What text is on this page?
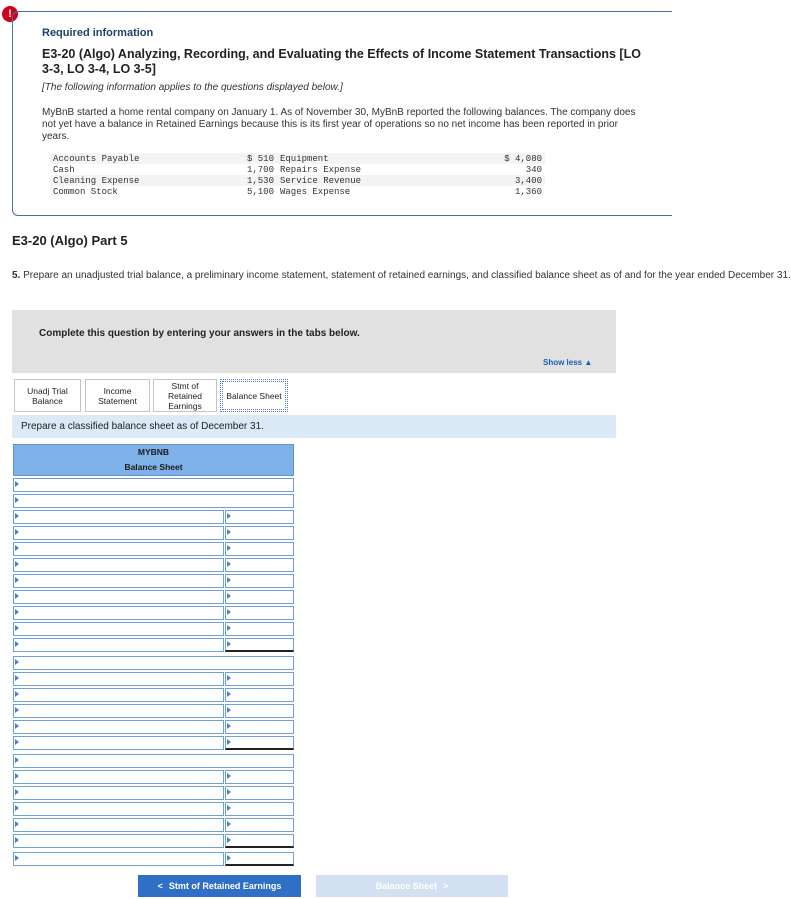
!
Required information
E3-20 (Algo) Analyzing, Recording, and Evaluating the Effects of Income Statement Transactions [LO 3-3, LO 3-4, LO 3-5]
[The following information applies to the questions displayed below.]
MyBnB started a home rental company on January 1. As of November 30, MyBnB reported the following balances. The company does not yet have a balance in Retained Earnings because this is its first year of operations so no net income has been reported in prior years.
Accounts Payable	$ 510	Equipment	$ 4,080
Cash	1,700	Repairs Expense	340
Cleaning Expense	1,530	Service Revenue	3,400
Common Stock	5,100	Wages Expense	1,360
E3-20 (Algo) Part 5
5. Prepare an unadjusted trial balance, a preliminary income statement, statement of retained earnings, and classified balance sheet as of and for the year ended December 31.
Complete this question by entering your answers in the tabs below.
Show less ▲
Unadj Trial Balance
Income Statement
Stmt of Retained Earnings
Balance Sheet
Prepare a classified balance sheet as of December 31.
MYBNB
Balance Sheet
< Stmt of Retained Earnings	Balance Sheet >
